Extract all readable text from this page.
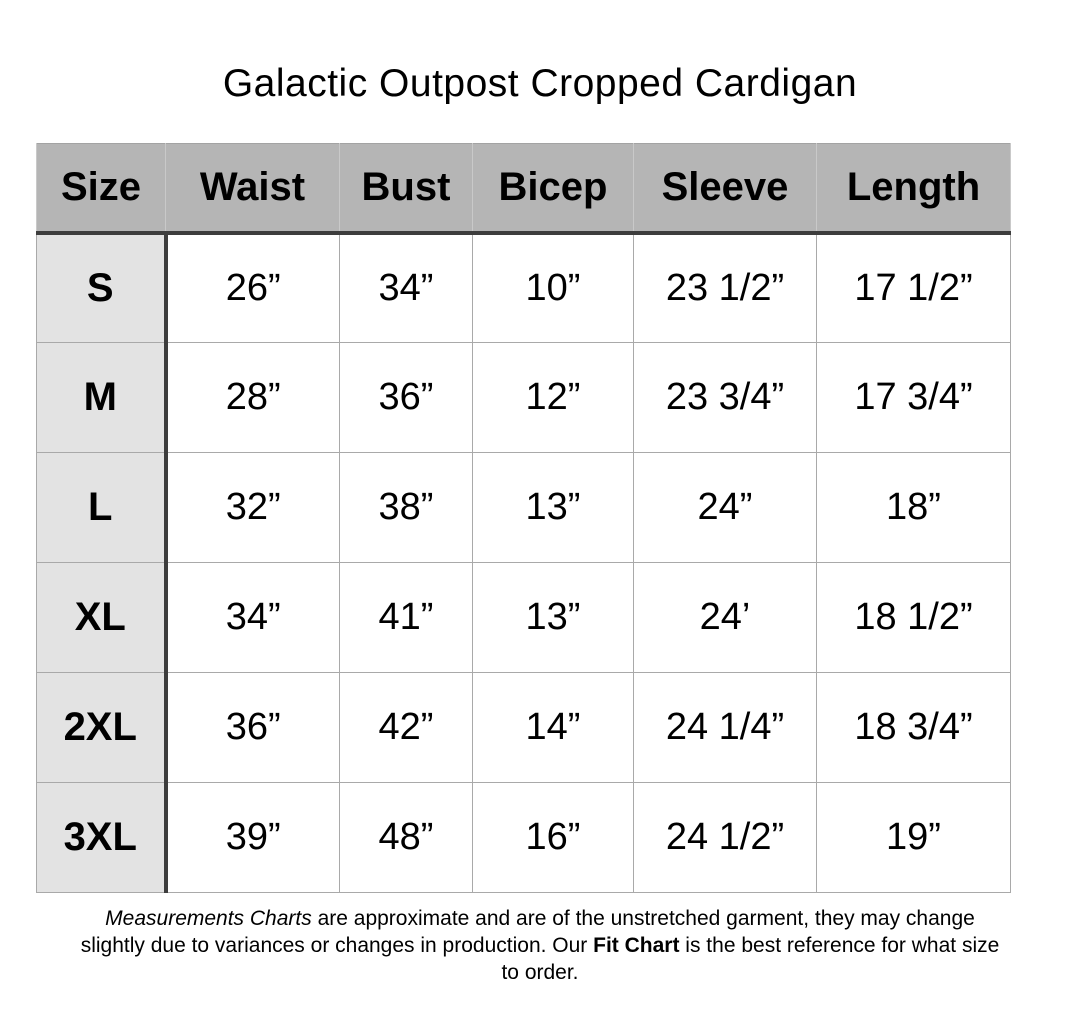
Galactic Outpost Cropped Cardigan
Size	Waist	Bust	Bicep	Sleeve	Length
S	26”	34”	10”	23 1/2”	17 1/2”
M	28”	36”	12”	23 3/4”	17 3/4”
L	32”	38”	13”	24”	18”
XL	34”	41”	13”	24’	18 1/2”
2XL	36”	42”	14”	24 1/4”	18 3/4”
3XL	39”	48”	16”	24 1/2”	19”

Measurements Charts are approximate and are of the unstretched garment, they may change slightly due to variances or changes in production. Our Fit Chart is the best reference for what size to order.
